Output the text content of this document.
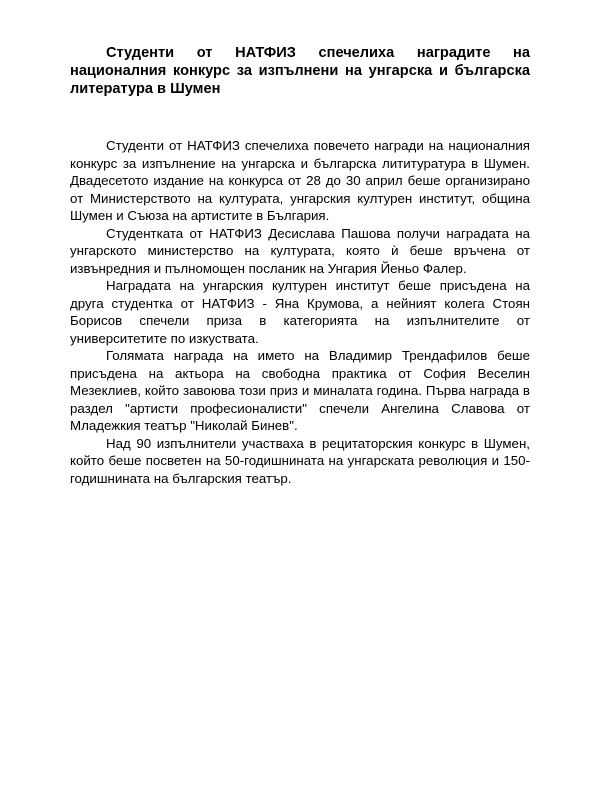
Студенти от НАТФИЗ спечелиха наградите на националния конкурс за изпълнени на унгарска и българска литература в Шумен

Студенти от НАТФИЗ спечелиха повечето награди на националния конкурс за изпълнение на унгарска и българска лититуратура в Шумен. Двадесетото издание на конкурса от 28 до 30 април беше организирано от Министерството на културата, унгарския културен институт, община Шумен и Съюза на артистите в България.

Студентката от НАТФИЗ Десислава Пашова получи наградата на унгарското министерство на културата, която ѝ беше връчена от извънредния и пълномощен посланик на Унгария Йеньо Фалер.

Наградата на унгарския културен институт беше присъдена на друга студентка от НАТФИЗ - Яна Крумова, а нейният колега Стоян Борисов спечели приза в категорията на изпълнителите от университетите по изкуствата.

Голямата награда на името на Владимир Трендафилов беше присъдена на актьора на свободна практика от София Веселин Мезеклиев, който завоюва този приз и миналата година. Първа награда в раздел "артисти професионалисти" спечели Ангелина Славова от Младежкия театър "Николай Бинев".

Над 90 изпълнители участваха в рецитаторския конкурс в Шумен, който беше посветен на 50-годишнината на унгарската революция и 150-годишнината на българския театър.
